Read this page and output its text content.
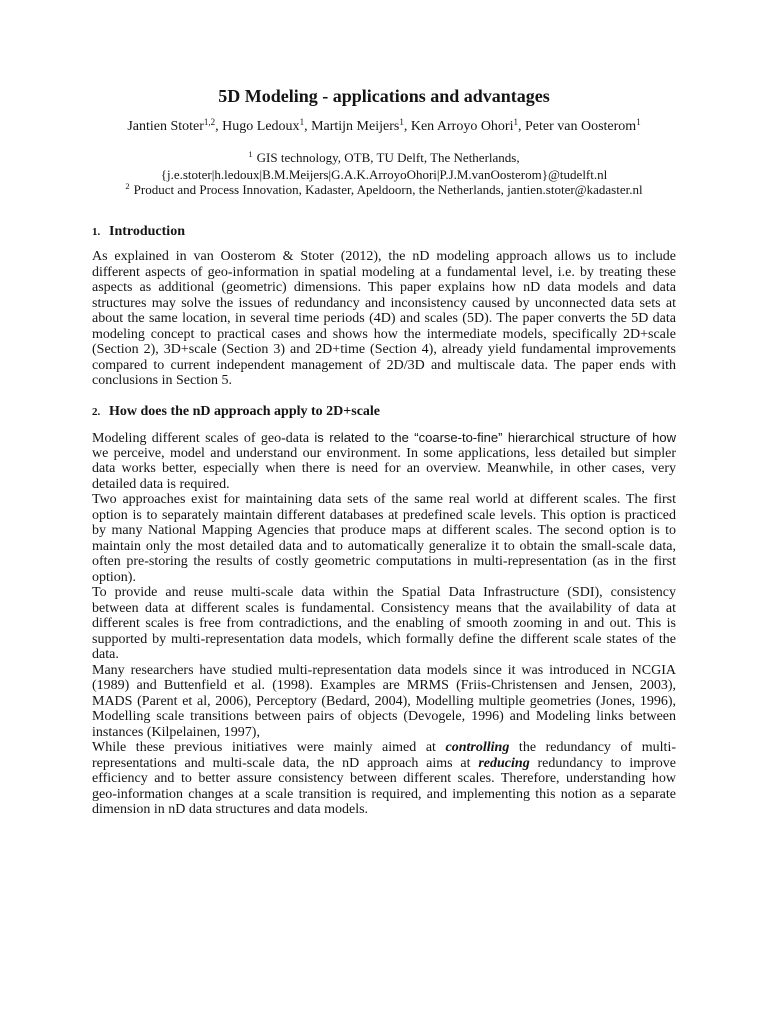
5D Modeling - applications and advantages
Jantien Stoter$^{1,2}$, Hugo Ledoux$^1$, Martijn Meijers$^1$, Ken Arroyo Ohori$^1$, Peter van Oosterom$^1$
$^1$ GIS technology, OTB, TU Delft, The Netherlands,
{j.e.stoter|h.ledoux|B.M.Meijers|G.A.K.ArroyoOhori|P.J.M.vanOosterom}@tudelft.nl
$^2$ Product and Process Innovation, Kadaster, Apeldoorn, the Netherlands, jantien.stoter@kadaster.nl
1. Introduction
As explained in van Oosterom & Stoter (2012), the nD modeling approach allows us to include
different aspects of geo-information in spatial modeling at a fundamental level, i.e. by treating these
aspects as additional (geometric) dimensions. This paper explains how nD data models and data
structures may solve the issues of redundancy and inconsistency caused by unconnected data sets at
about the same location, in several time periods (4D) and scales (5D). The paper converts the 5D data
modeling concept to practical cases and shows how the intermediate models, specifically 2D+scale
(Section 2), 3D+scale (Section 3) and 2D+time (Section 4), already yield fundamental improvements
compared to current independent management of 2D/3D and multiscale data. The paper ends with
conclusions in Section 5.
2. How does the nD approach apply to 2D+scale
Modeling different scales of geo-data is related to the “coarse-to-fine” hierarchical structure of how
we perceive, model and understand our environment. In some applications, less detailed but simpler
data works better, especially when there is need for an overview. Meanwhile, in other cases, very
detailed data is required.
Two approaches exist for maintaining data sets of the same real world at different scales. The first
option is to separately maintain different databases at predefined scale levels. This option is practiced
by many National Mapping Agencies that produce maps at different scales. The second option is to
maintain only the most detailed data and to automatically generalize it to obtain the small-scale data,
often pre-storing the results of costly geometric computations in multi-representation (as in the first
option).
To provide and reuse multi-scale data within the Spatial Data Infrastructure (SDI), consistency
between data at different scales is fundamental. Consistency means that the availability of data at
different scales is free from contradictions, and the enabling of smooth zooming in and out. This is
supported by multi-representation data models, which formally define the different scale states of the
data.
Many researchers have studied multi-representation data models since it was introduced in NCGIA
(1989) and Buttenfield et al. (1998). Examples are MRMS (Friis-Christensen and Jensen, 2003),
MADS (Parent et al, 2006), Perceptory (Bedard, 2004), Modelling multiple geometries (Jones, 1996),
Modelling scale transitions between pairs of objects (Devogele, 1996) and Modeling links between
instances (Kilpelainen, 1997),
While these previous initiatives were mainly aimed at controlling the redundancy of multi-
representations and multi-scale data, the nD approach aims at reducing redundancy to improve
efficiency and to better assure consistency between different scales. Therefore, understanding how
geo-information changes at a scale transition is required, and implementing this notion as a separate
dimension in nD data structures and data models.
